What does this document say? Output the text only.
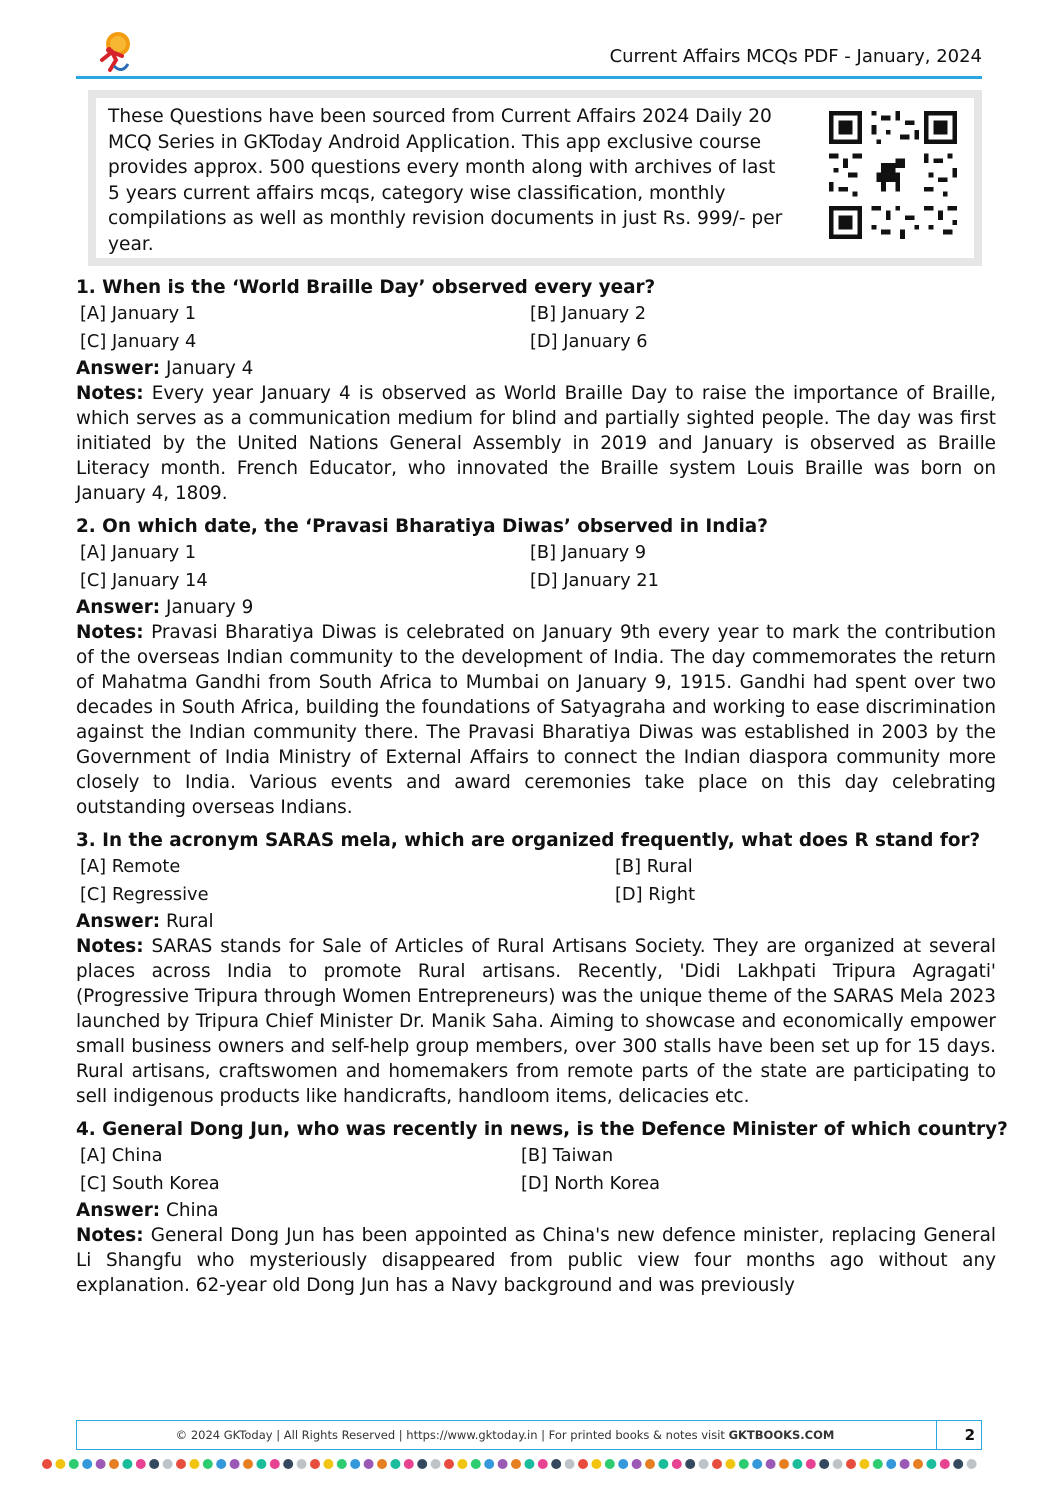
Current Affairs MCQs PDF - January, 2024
These Questions have been sourced from Current Affairs 2024 Daily 20 MCQ Series in GKToday Android Application. This app exclusive course provides approx. 500 questions every month along with archives of last 5 years current affairs mcqs, category wise classification, monthly compilations as well as monthly revision documents in just Rs. 999/- per year.
1. When is the ‘World Braille Day’ observed every year?
[A] January 1	[B] January 2
[C] January 4	[D] January 6
Answer: January 4
Notes: Every year January 4 is observed as World Braille Day to raise the importance of Braille, which serves as a communication medium for blind and partially sighted people. The day was first initiated by the United Nations General Assembly in 2019 and January is observed as Braille Literacy month. French Educator, who innovated the Braille system Louis Braille was born on January 4, 1809.
2. On which date, the ‘Pravasi Bharatiya Diwas’ observed in India?
[A] January 1	[B] January 9
[C] January 14	[D] January 21
Answer: January 9
Notes: Pravasi Bharatiya Diwas is celebrated on January 9th every year to mark the contribution of the overseas Indian community to the development of India. The day commemorates the return of Mahatma Gandhi from South Africa to Mumbai on January 9, 1915. Gandhi had spent over two decades in South Africa, building the foundations of Satyagraha and working to ease discrimination against the Indian community there. The Pravasi Bharatiya Diwas was established in 2003 by the Government of India Ministry of External Affairs to connect the Indian diaspora community more closely to India. Various events and award ceremonies take place on this day celebrating outstanding overseas Indians.
3. In the acronym SARAS mela, which are organized frequently, what does R stand for?
[A] Remote	[B] Rural
[C] Regressive	[D] Right
Answer: Rural
Notes: SARAS stands for Sale of Articles of Rural Artisans Society. They are organized at several places across India to promote Rural artisans. Recently, 'Didi Lakhpati Tripura Agragati' (Progressive Tripura through Women Entrepreneurs) was the unique theme of the SARAS Mela 2023 launched by Tripura Chief Minister Dr. Manik Saha. Aiming to showcase and economically empower small business owners and self-help group members, over 300 stalls have been set up for 15 days. Rural artisans, craftswomen and homemakers from remote parts of the state are participating to sell indigenous products like handicrafts, handloom items, delicacies etc.
4. General Dong Jun, who was recently in news, is the Defence Minister of which country?
[A] China	[B] Taiwan
[C] South Korea	[D] North Korea
Answer: China
Notes: General Dong Jun has been appointed as China's new defence minister, replacing General Li Shangfu who mysteriously disappeared from public view four months ago without any explanation. 62-year old Dong Jun has a Navy background and was previously
© 2024 GKToday | All Rights Reserved | https://www.gktoday.in | For printed books & notes visit GKTBOOKS.COM	2
